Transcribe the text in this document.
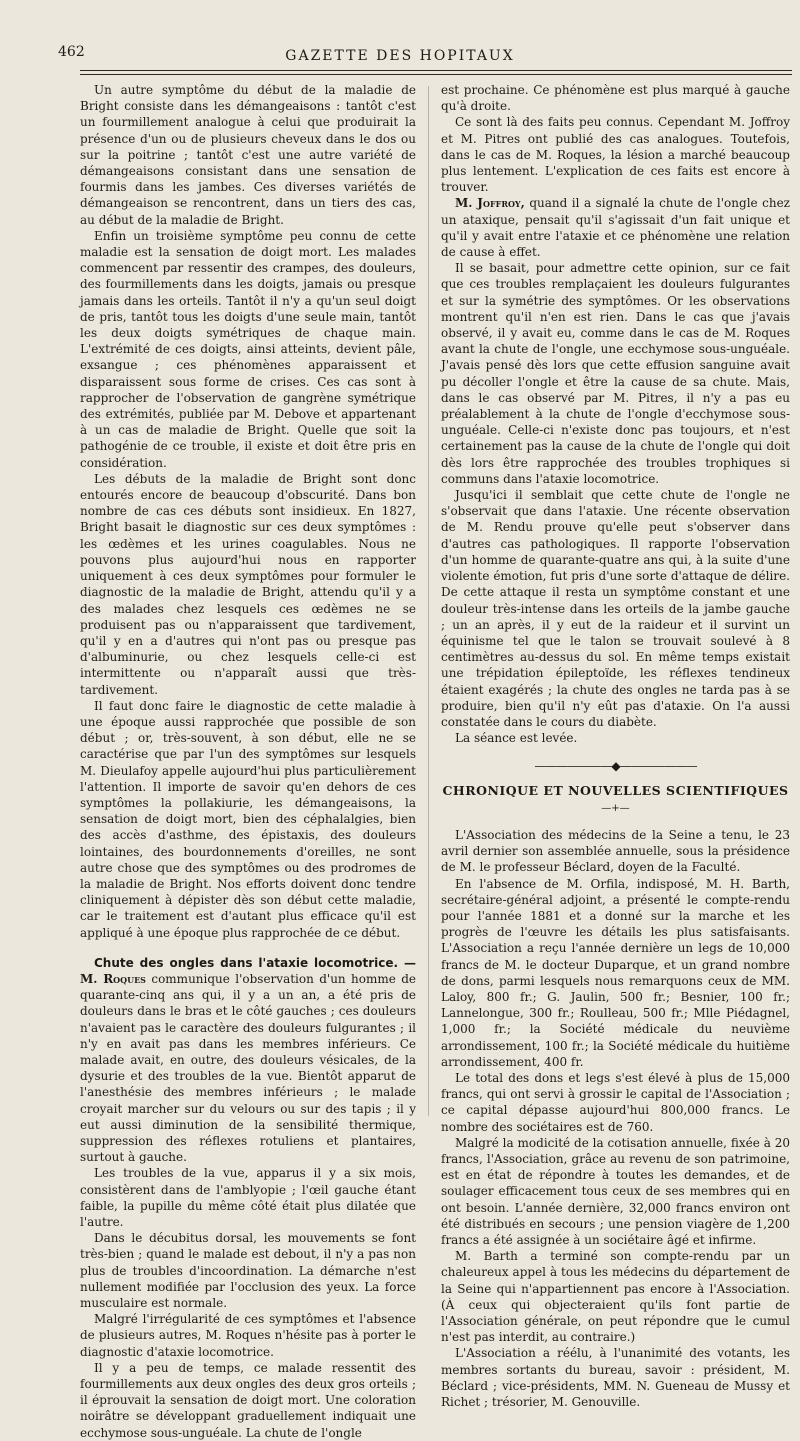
462	GAZETTE DES HOPITAUX

Un autre symptôme du début de la maladie de Bright consiste dans les démangeaisons : tantôt c'est un fourmillement analogue à celui que produirait la présence d'un ou de plusieurs cheveux dans le dos ou sur la poitrine ; tantôt c'est une autre variété de démangeaisons consistant dans une sensation de fourmis dans les jambes. Ces diverses variétés de démangeaison se rencontrent, dans un tiers des cas, au début de la maladie de Bright.

Enfin un troisième symptôme peu connu de cette maladie est la sensation de doigt mort. Les malades commencent par ressentir des crampes, des douleurs, des fourmillements dans les doigts, jamais ou presque jamais dans les orteils. Tantôt il n'y a qu'un seul doigt de pris, tantôt tous les doigts d'une seule main, tantôt les deux doigts symétriques de chaque main. L'extrémité de ces doigts, ainsi atteints, devient pâle, exsangue ; ces phénomènes apparaissent et disparaissent sous forme de crises. Ces cas sont à rapprocher de l'observation de gangrène symétrique des extrémités, publiée par M. Debove et appartenant à un cas de maladie de Bright. Quelle que soit la pathogénie de ce trouble, il existe et doit être pris en considération.

Les débuts de la maladie de Bright sont donc entourés encore de beaucoup d'obscurité. Dans bon nombre de cas ces débuts sont insidieux. En 1827, Bright basait le diagnostic sur ces deux symptômes : les œdèmes et les urines coagulables. Nous ne pouvons plus aujourd'hui nous en rapporter uniquement à ces deux symptômes pour formuler le diagnostic de la maladie de Bright, attendu qu'il y a des malades chez lesquels ces œdèmes ne se produisent pas ou n'apparaissent que tardivement, qu'il y en a d'autres qui n'ont pas ou presque pas d'albuminurie, ou chez lesquels celle-ci est intermittente ou n'apparaît aussi que très-tardivement.

Il faut donc faire le diagnostic de cette maladie à une époque aussi rapprochée que possible de son début ; or, très-souvent, à son début, elle ne se caractérise que par l'un des symptômes sur lesquels M. Dieulafoy appelle aujourd'hui plus particulièrement l'attention. Il importe de savoir qu'en dehors de ces symptômes la pollakiurie, les démangeaisons, la sensation de doigt mort, bien des céphalalgies, bien des accès d'asthme, des épistaxis, des douleurs lointaines, des bourdonnements d'oreilles, ne sont autre chose que des symptômes ou des prodromes de la maladie de Bright. Nos efforts doivent donc tendre cliniquement à dépister dès son début cette maladie, car le traitement est d'autant plus efficace qu'il est appliqué à une époque plus rapprochée de ce début.

Chute des ongles dans l'ataxie locomotrice. — M. Roques communique l'observation d'un homme de quarante-cinq ans qui, il y a un an, a été pris de douleurs dans le bras et le côté gauches ; ces douleurs n'avaient pas le caractère des douleurs fulgurantes ; il n'y en avait pas dans les membres inférieurs. Ce malade avait, en outre, des douleurs vésicales, de la dysurie et des troubles de la vue. Bientôt apparut de l'anesthésie des membres inférieurs ; le malade croyait marcher sur du velours ou sur des tapis ; il y eut aussi diminution de la sensibilité thermique, suppression des réflexes rotuliens et plantaires, surtout à gauche.

Les troubles de la vue, apparus il y a six mois, consistèrent dans de l'amblyopie ; l'œil gauche étant faible, la pupille du même côté était plus dilatée que l'autre.

Dans le décubitus dorsal, les mouvements se font très-bien ; quand le malade est debout, il n'y a pas non plus de troubles d'incoordination. La démarche n'est nullement modifiée par l'occlusion des yeux. La force musculaire est normale.

Malgré l'irrégularité de ces symptômes et l'absence de plusieurs autres, M. Roques n'hésite pas à porter le diagnostic d'ataxie locomotrice.

Il y a peu de temps, ce malade ressentit des fourmillements aux deux ongles des deux gros orteils ; il éprouvait la sensation de doigt mort. Une coloration noirâtre se développant graduellement indiquait une ecchymose sous-unguéale. La chute de l'ongle

est prochaine. Ce phénomène est plus marqué à gauche qu'à droite.

Ce sont là des faits peu connus. Cependant M. Joffroy et M. Pitres ont publié des cas analogues. Toutefois, dans le cas de M. Roques, la lésion a marché beaucoup plus lentement. L'explication de ces faits est encore à trouver.

M. Joffroy, quand il a signalé la chute de l'ongle chez un ataxique, pensait qu'il s'agissait d'un fait unique et qu'il y avait entre l'ataxie et ce phénomène une relation de cause à effet.

Il se basait, pour admettre cette opinion, sur ce fait que ces troubles remplaçaient les douleurs fulgurantes et sur la symétrie des symptômes. Or les observations montrent qu'il n'en est rien. Dans le cas que j'avais observé, il y avait eu, comme dans le cas de M. Roques avant la chute de l'ongle, une ecchymose sous-unguéale. J'avais pensé dès lors que cette effusion sanguine avait pu décoller l'ongle et être la cause de sa chute. Mais, dans le cas observé par M. Pitres, il n'y a pas eu préalablement à la chute de l'ongle d'ecchymose sous-unguéale. Celle-ci n'existe donc pas toujours, et n'est certainement pas la cause de la chute de l'ongle qui doit dès lors être rapprochée des troubles trophiques si communs dans l'ataxie locomotrice.

Jusqu'ici il semblait que cette chute de l'ongle ne s'observait que dans l'ataxie. Une récente observation de M. Rendu prouve qu'elle peut s'observer dans d'autres cas pathologiques. Il rapporte l'observation d'un homme de quarante-quatre ans qui, à la suite d'une violente émotion, fut pris d'une sorte d'attaque de délire. De cette attaque il resta un symptôme constant et une douleur très-intense dans les orteils de la jambe gauche ; un an après, il y eut de la raideur et il survint un équinisme tel que le talon se trouvait soulevé à 8 centimètres au-dessus du sol. En même temps existait une trépidation épileptoïde, les réflexes tendineux étaient exagérés ; la chute des ongles ne tarda pas à se produire, bien qu'il n'y eût pas d'ataxie. On l'a aussi constatée dans le cours du diabète.

La séance est levée.

———————◆———————
CHRONIQUE ET NOUVELLES SCIENTIFIQUES
—+—

L'Association des médecins de la Seine a tenu, le 23 avril dernier son assemblée annuelle, sous la présidence de M. le professeur Béclard, doyen de la Faculté.

En l'absence de M. Orfila, indisposé, M. H. Barth, secrétaire-général adjoint, a présenté le compte-rendu pour l'année 1881 et a donné sur la marche et les progrès de l'œuvre les détails les plus satisfaisants. L'Association a reçu l'année dernière un legs de 10,000 francs de M. le docteur Duparque, et un grand nombre de dons, parmi lesquels nous remarquons ceux de MM. Laloy, 800 fr.; G. Jaulin, 500 fr.; Besnier, 100 fr.; Lannelongue, 300 fr.; Roulleau, 500 fr.; Mlle Piédagnel, 1,000 fr.; la Société médicale du neuvième arrondissement, 100 fr.; la Société médicale du huitième arrondissement, 400 fr.

Le total des dons et legs s'est élevé à plus de 15,000 francs, qui ont servi à grossir le capital de l'Association ; ce capital dépasse aujourd'hui 800,000 francs. Le nombre des sociétaires est de 760.

Malgré la modicité de la cotisation annuelle, fixée à 20 francs, l'Association, grâce au revenu de son patrimoine, est en état de répondre à toutes les demandes, et de soulager efficacement tous ceux de ses membres qui en ont besoin. L'année dernière, 32,000 francs environ ont été distribués en secours ; une pension viagère de 1,200 francs a été assignée à un sociétaire âgé et infirme.

M. Barth a terminé son compte-rendu par un chaleureux appel à tous les médecins du département de la Seine qui n'appartiennent pas encore à l'Association. (À ceux qui objecteraient qu'ils font partie de l'Association générale, on peut répondre que le cumul n'est pas interdit, au contraire.)

L'Association a réélu, à l'unanimité des votants, les membres sortants du bureau, savoir : président, M. Béclard ; vice-présidents, MM. N. Gueneau de Mussy et Richet ; trésorier, M. Genouville.
